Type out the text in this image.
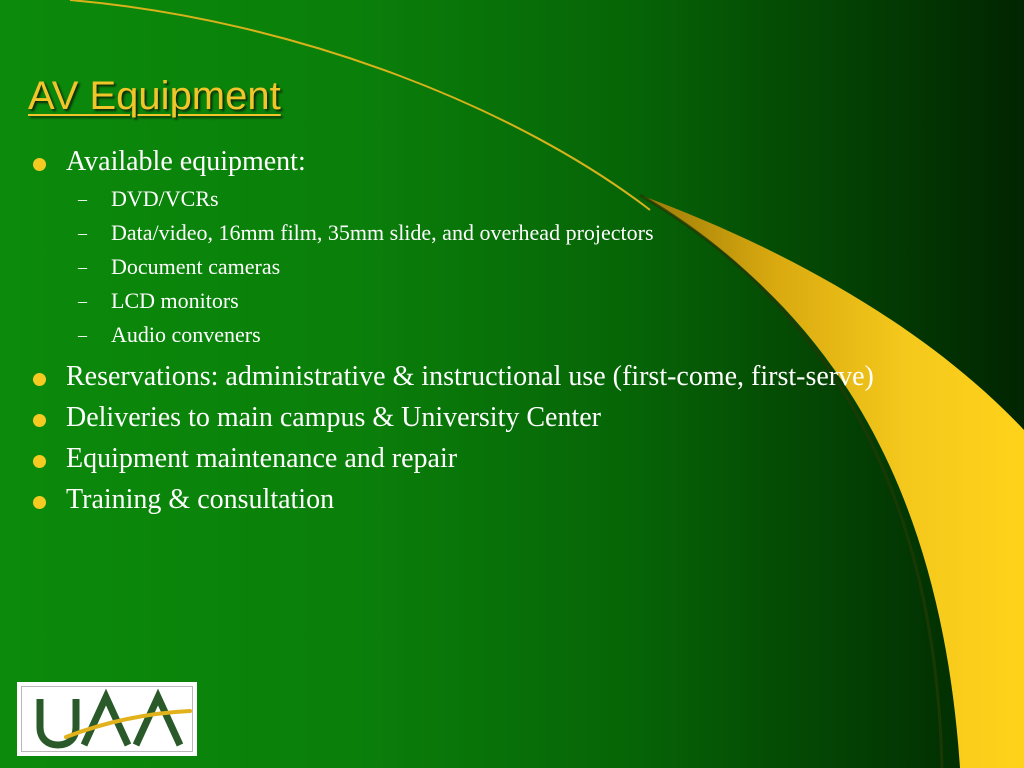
AV Equipment
Available equipment:
– DVD/VCRs
– Data/video, 16mm film, 35mm slide, and overhead projectors
– Document cameras
– LCD monitors
– Audio conveners
Reservations: administrative & instructional use (first-come, first-serve)
Deliveries to main campus & University Center
Equipment maintenance and repair
Training & consultation
